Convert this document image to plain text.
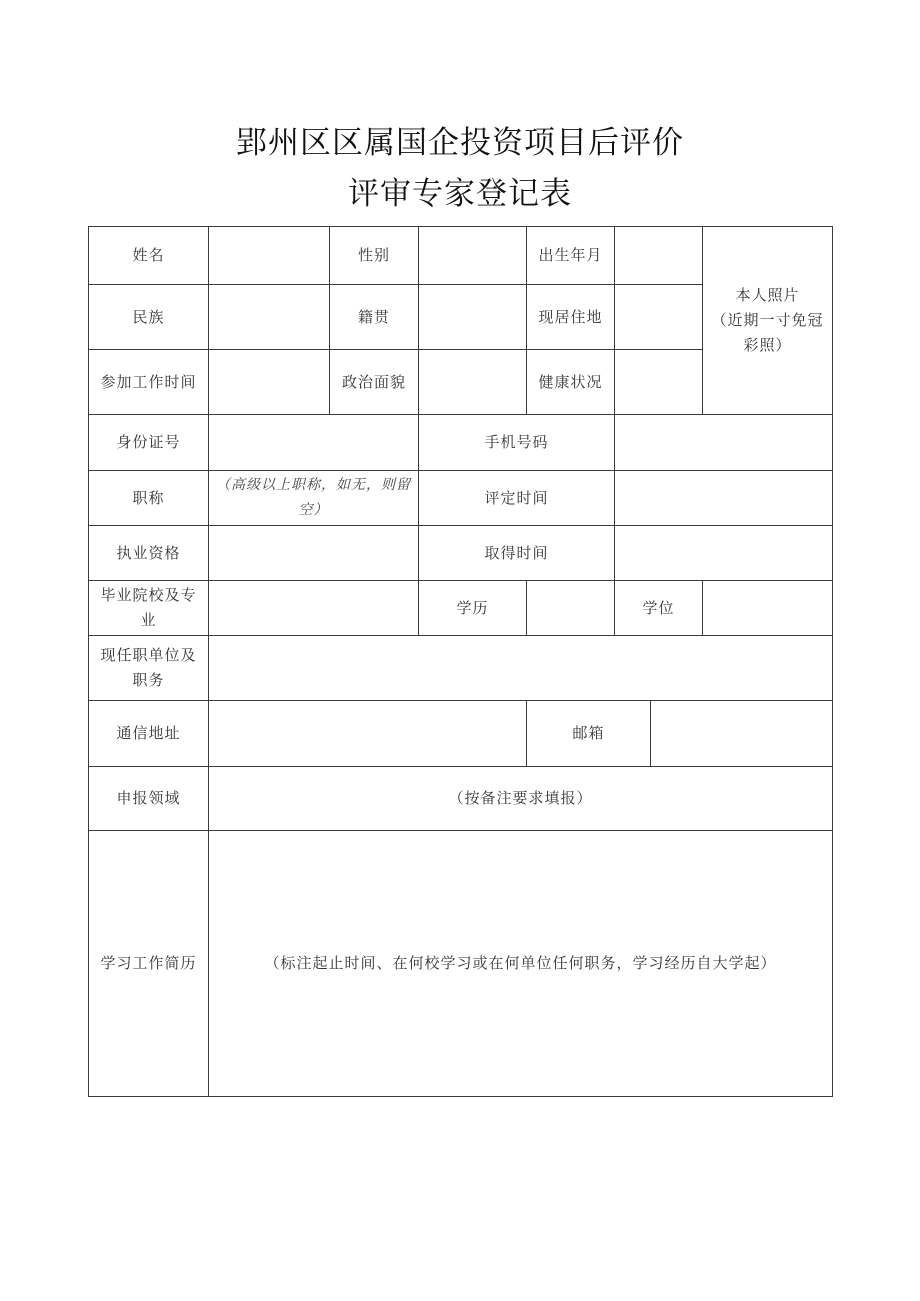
郢州区区属国企投资项目后评价
评审专家登记表
姓名		性别		出生年月			本人照片
（近期一寸免冠彩照）

民族		籍贯		现居住地			
参加工作时间		政治面貌		健康状况			
身份证号			手机号码				
职称	（高级以上职称，如无，则留空）		评定时间				
执业资格			取得时间				
毕业院校及专业			学历		学位		
现任职单位及职务							
通信地址				邮箱			
申报领域	（按备注要求填报）						
学习工作简历	（标注起止时间、在何校学习或在何单位任何职务，学习经历自大学起）						
